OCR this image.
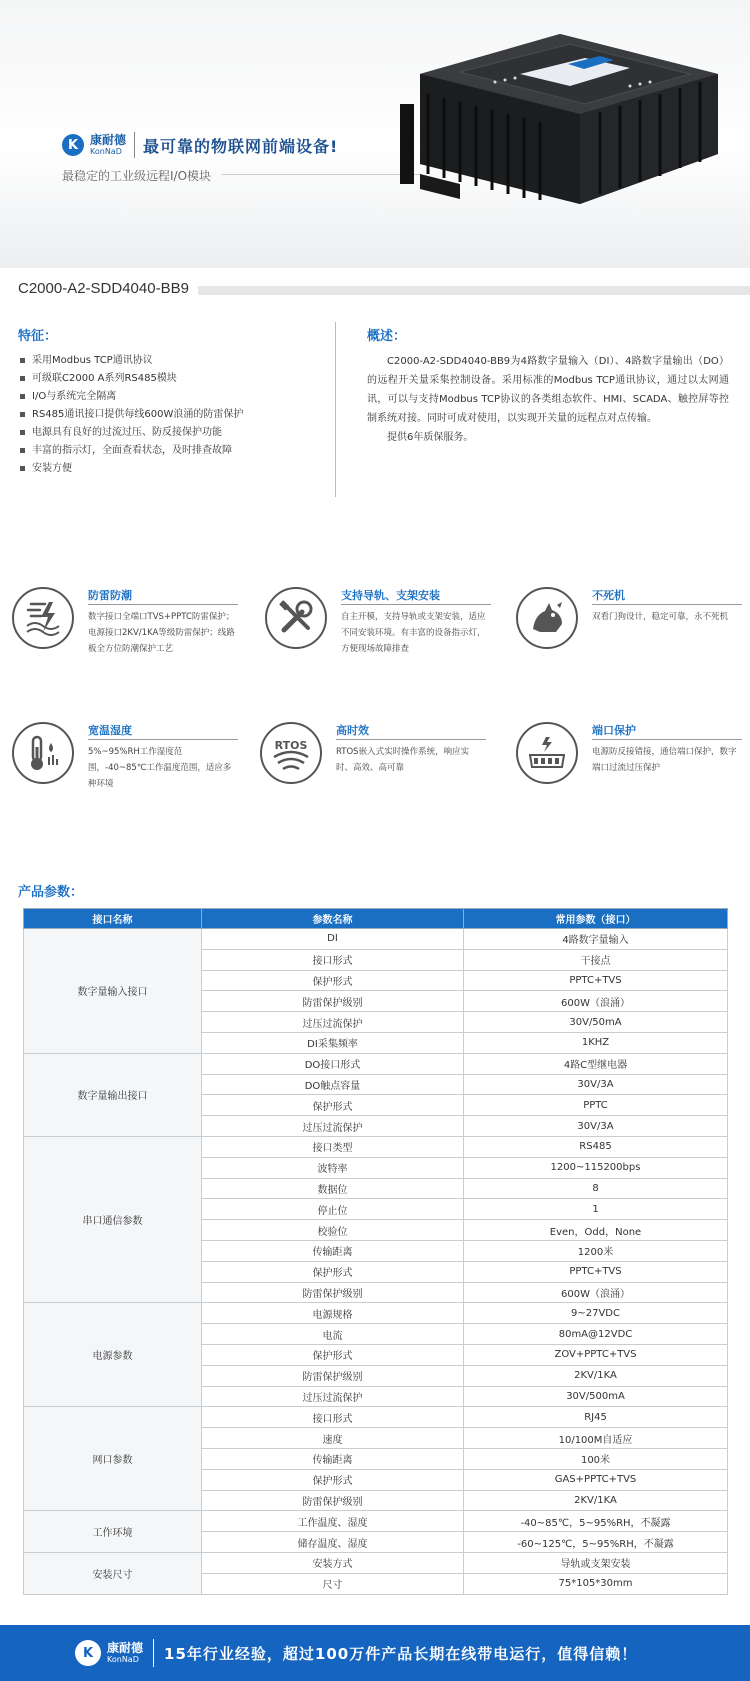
K 康耐德
KonNaD 最可靠的物联网前端设备!
最稳定的工业级远程I/O模块
C2000-A2-SDD4040-BB9
特征：
采用Modbus TCP通讯协议
可级联C2000 A系列RS485模块
I/O与系统完全隔离
RS485通讯接口提供每线600W浪涌的防雷保护
电源具有良好的过流过压、防反接保护功能
丰富的指示灯，全面查看状态，及时排查故障
安装方便
概述：

C2000-A2-SDD4040-BB9为4路数字量输入（DI）、4路数字量输出（DO）的远程开关量采集控制设备。采用标准的Modbus TCP通讯协议，通过以太网通讯，可以与支持Modbus TCP协议的各类组态软件、HMI、SCADA、触控屏等控制系统对接。同时可成对使用，以实现开关量的远程点对点传输。

提供6年质保服务。

防雷防潮
数字接口全端口TVS+PPTC防雷保护；电源接口2KV/1KA等级防雷保护；线路板全方位防潮保护工艺
支持导轨、支架安装
自主开模，支持导轨或支架安装，适应不同安装环境。有丰富的设备指示灯，方便现场故障排查
不死机
双看门狗设计，稳定可靠，永不死机
宽温湿度
5%~95%RH工作湿度范围，-40~85℃工作温度范围，适应多种环境
RTOS
高时效
RTOS嵌入式实时操作系统，响应实时、高效、高可靠
端口保护
电源防反接错接，通信端口保护，数字端口过流过压保护
产品参数：
接口名称	参数名称	常用参数（接口）
数字量输入接口	DI	4路数字量输入
	接口形式	干接点
	保护形式	PPTC+TVS
	防雷保护级别	600W（浪涌）
	过压过流保护	30V/50mA
	DI采集频率	1KHZ
数字量输出接口	DO接口形式	4路C型继电器
	DO触点容量	30V/3A
	保护形式	PPTC
	过压过流保护	30V/3A
串口通信参数	接口类型	RS485
	波特率	1200~115200bps
	数据位	8
	停止位	1
	校验位	Even，Odd，None
	传输距离	1200米
	保护形式	PPTC+TVS
	防雷保护级别	600W（浪涌）
电源参数	电源规格	9~27VDC
	电流	80mA@12VDC
	保护形式	ZOV+PPTC+TVS
	防雷保护级别	2KV/1KA
	过压过流保护	30V/500mA
网口参数	接口形式	RJ45
	速度	10/100M自适应
	传输距离	100米
	保护形式	GAS+PPTC+TVS
	防雷保护级别	2KV/1KA
工作环境	工作温度、湿度	-40~85℃，5~95%RH，不凝露
	储存温度、湿度	-60~125℃，5~95%RH，不凝露
安装尺寸	安装方式	导轨或支架安装
	尺寸	75*105*30mm
K	康耐德
KonNaD 15年行业经验，超过100万件产品长期在线带电运行，值得信赖！
